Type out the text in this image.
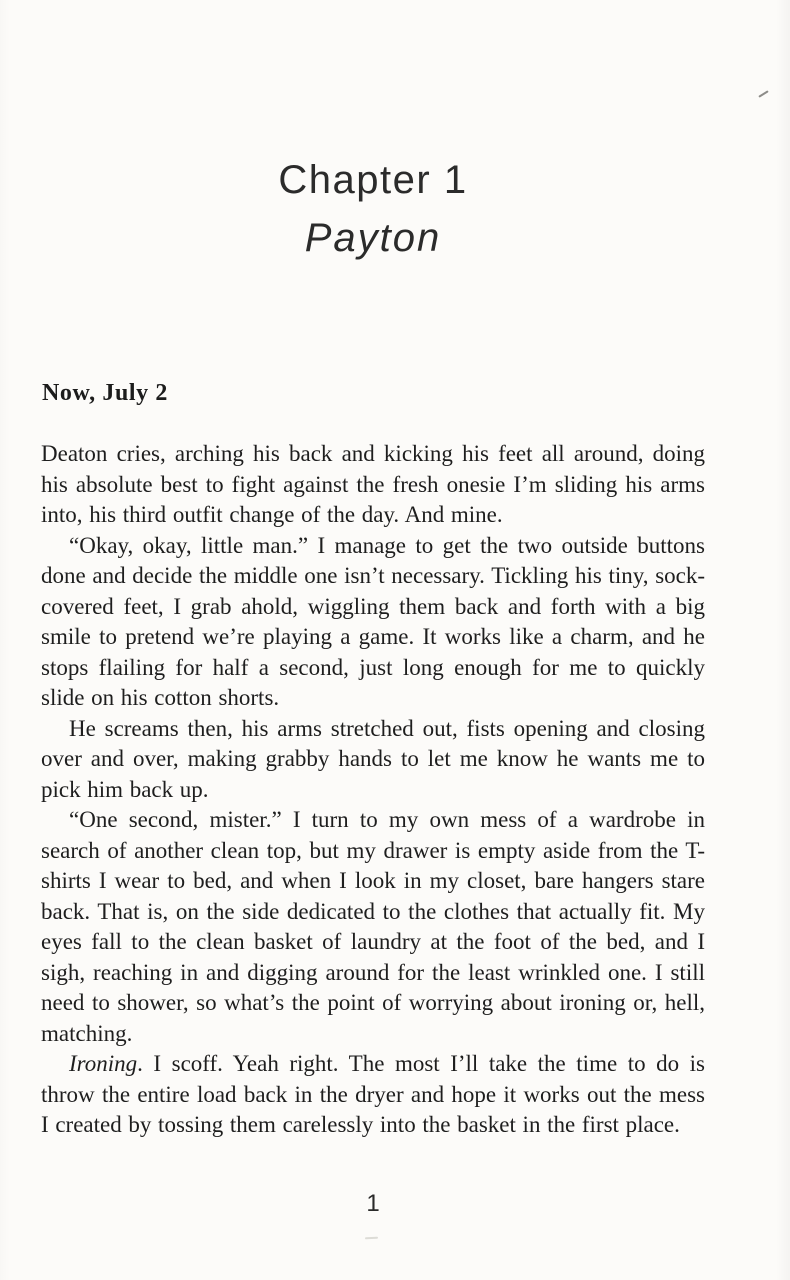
Chapter 1
Payton
Now, July 2

Deaton cries, arching his back and kicking his feet all around, doing his absolute best to fight against the fresh onesie I’m sliding his arms into, his third outfit change of the day. And mine.

“Okay, okay, little man.” I manage to get the two outside buttons done and decide the middle one isn’t necessary. Tickling his tiny, sock-covered feet, I grab ahold, wiggling them back and forth with a big smile to pretend we’re playing a game. It works like a charm, and he stops flailing for half a second, just long enough for me to quickly slide on his cotton shorts.

He screams then, his arms stretched out, fists opening and closing over and over, making grabby hands to let me know he wants me to pick him back up.

“One second, mister.” I turn to my own mess of a wardrobe in search of another clean top, but my drawer is empty aside from the T-shirts I wear to bed, and when I look in my closet, bare hangers stare back. That is, on the side dedicated to the clothes that actually fit. My eyes fall to the clean basket of laundry at the foot of the bed, and I sigh, reaching in and digging around for the least wrinkled one. I still need to shower, so what’s the point of worrying about ironing or, hell, matching.

Ironing. I scoff. Yeah right. The most I’ll take the time to do is throw the entire load back in the dryer and hope it works out the mess I created by tossing them carelessly into the basket in the first place.

1
